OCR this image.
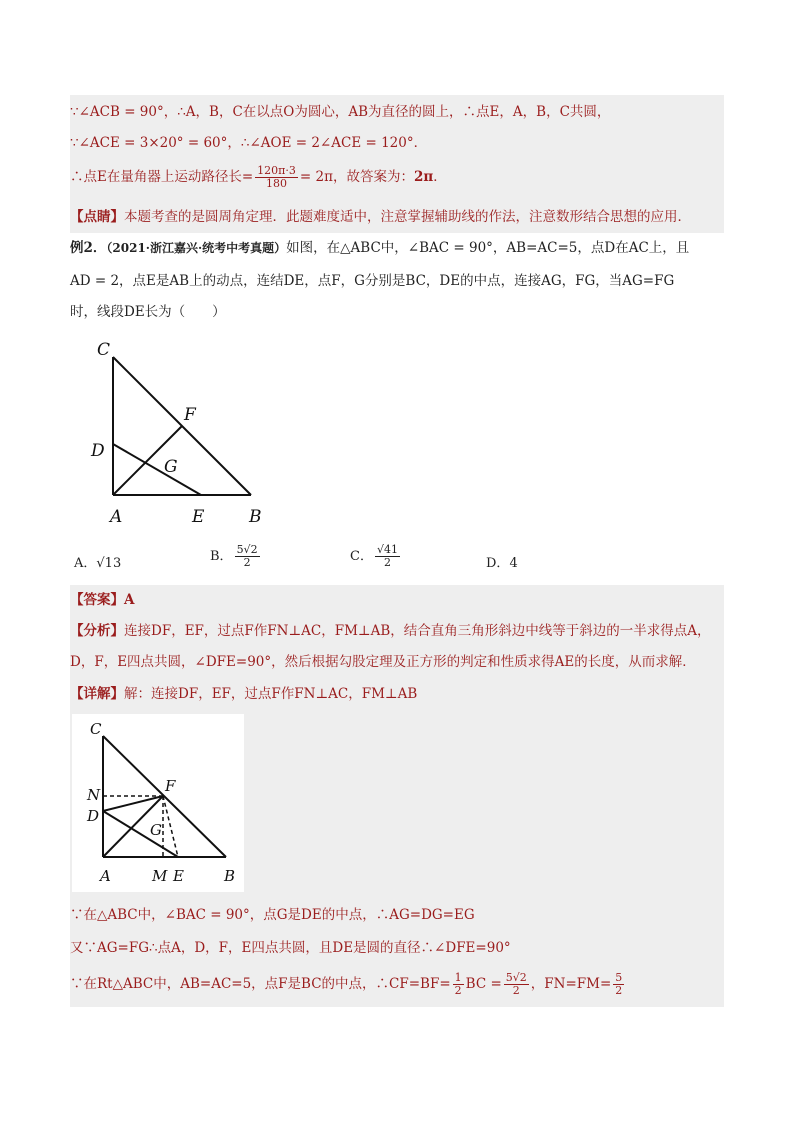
∵∠ACB = 90°，∴A，B，C在以点O为圆心，AB为直径的圆上，∴点E，A，B，C共圆，
∵∠ACE = 3×20° = 60°，∴∠AOE = 2∠ACE = 120°．
∴点E在量角器上运动路径长= $\frac{120\pi\cdot 3}{180} = 2\pi$，故答案为：2π．
【点睛】本题考查的是圆周角定理．此题难度适中，注意掌握辅助线的作法，注意数形结合思想的应用．
例2．（2021·浙江嘉兴·统考中考真题）如图，在△ABC中，∠BAC = 90°，AB=AC=5，点D在AC上，且
AD = 2，点E是AB上的动点，连结DE，点F，G分别是BC，DE的中点，连接AG，FG，当AG=FG
时，线段DE长为（　　）
C
F
D
G
A	E	B
A．√13	B． $\frac{5√2}{2}$	C． $\frac{√41}{2}$	D．4
【答案】A
【分析】连接DF，EF，过点F作FN⊥AC，FM⊥AB，结合直角三角形斜边中线等于斜边的一半求得点A，
D，F，E四点共圆，∠DFE=90°，然后根据勾股定理及正方形的判定和性质求得AE的长度，从而求解．
【详解】解：连接DF，EF，过点F作FN⊥AC，FM⊥AB
C
N	F
D
G
A	M E	B
∵在△ABC中，∠BAC = 90°，点G是DE的中点，∴AG=DG=EG
又∵AG=FG∴点A，D，F，E四点共圆，且DE是圆的直径∴∠DFE=90°
∵在Rt△ABC中，AB=AC=5，点F是BC的中点，∴CF=BF= $\frac{1}{2}$ BC = $\frac{5√2}{2}$ ，$FN=FM= \frac{5}{2}$
